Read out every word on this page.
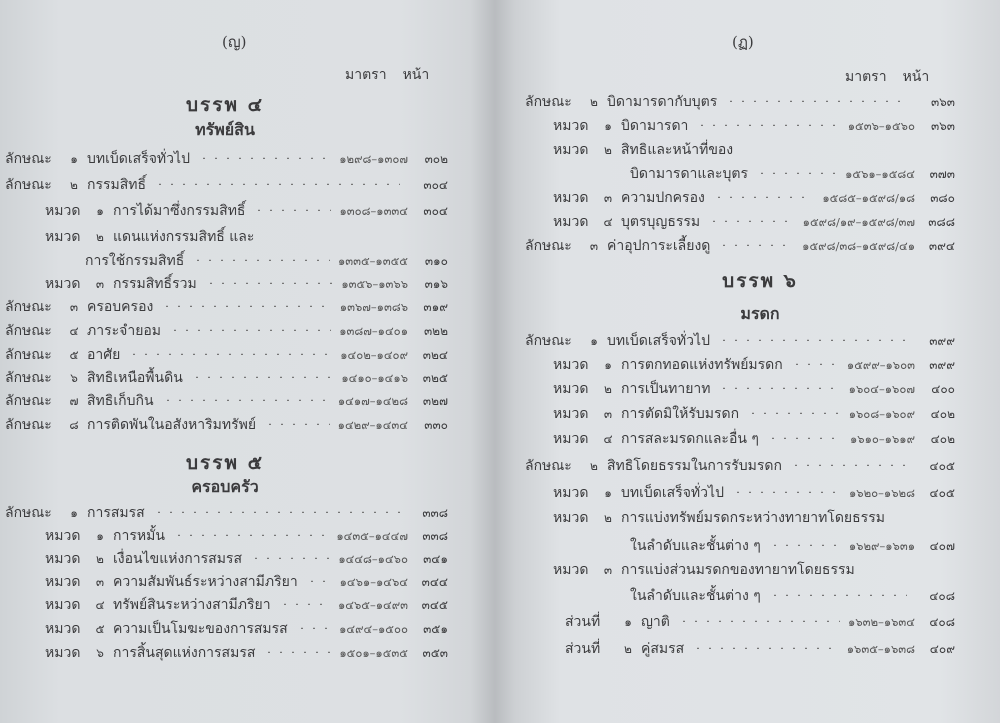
(ญ)
มาตรา หน้า
บรรพ ๔
ทรัพย์สิน
บรรพ ๕
ครอบครัว
ลักษณะ	๑ บทเบ็ดเสร็จทั่วไป	๑๒๙๘–๑๓๐๗	๓๐๒
ลักษณะ	๒ กรรมสิทธิ์	๓๐๔
หมวด	๑ การได้มาซึ่งกรรมสิทธิ์	๑๓๐๘–๑๓๓๔	๓๐๔
หมวด	๒ แดนแห่งกรรมสิทธิ์ และ
การใช้กรรมสิทธิ์	๑๓๓๕–๑๓๕๕	๓๑๐
หมวด	๓ กรรมสิทธิ์รวม	๑๓๕๖–๑๓๖๖	๓๑๖
ลักษณะ	๓ ครอบครอง	๑๓๖๗–๑๓๘๖	๓๑๙
ลักษณะ	๔ ภาระจำยอม	๑๓๘๗–๑๔๐๑	๓๒๒
ลักษณะ	๕ อาศัย	๑๔๐๒–๑๔๐๙	๓๒๔
ลักษณะ	๖ สิทธิเหนือพื้นดิน	๑๔๑๐–๑๔๑๖	๓๒๕
ลักษณะ	๗ สิทธิเก็บกิน	๑๔๑๗–๑๔๒๘	๓๒๗
ลักษณะ	๘ การติดพันในอสังหาริมทรัพย์	๑๔๒๙–๑๔๓๔	๓๓๐
ลักษณะ	๑ การสมรส	๓๓๘
หมวด	๑ การหมั้น	๑๔๓๕–๑๔๔๗	๓๓๘
หมวด	๒ เงื่อนไขแห่งการสมรส	๑๔๔๘–๑๔๖๐	๓๔๑
หมวด	๓ ความสัมพันธ์ระหว่างสามีภริยา	๑๔๖๑–๑๔๖๔	๓๔๔
หมวด	๔ ทรัพย์สินระหว่างสามีภริยา	๑๔๖๕–๑๔๙๓	๓๔๕
หมวด	๕ ความเป็นโมฆะของการสมรส	๑๔๙๔–๑๕๐๐	๓๕๑
หมวด	๖ การสิ้นสุดแห่งการสมรส	๑๕๐๑–๑๕๓๕	๓๕๓
(ฏ)
มาตรา หน้า
บรรพ ๖
มรดก
ลักษณะ	๒ บิดามารดากับบุตร	๓๖๓
หมวด	๑ บิดามารดา	๑๕๓๖–๑๕๖๐	๓๖๓
หมวด	๒ สิทธิและหน้าที่ของ
บิดามารดาและบุตร	๑๕๖๑–๑๕๘๔	๓๗๓
หมวด	๓ ความปกครอง	๑๕๘๕–๑๕๙๘/๑๘	๓๘๐
หมวด	๔ บุตรบุญธรรม	๑๕๙๘/๑๙–๑๕๙๘/๓๗	๓๘๘
ลักษณะ	๓ ค่าอุปการะเลี้ยงดู	๑๕๙๘/๓๘–๑๕๙๘/๔๑	๓๙๔
ลักษณะ	๑ บทเบ็ดเสร็จทั่วไป	๓๙๙
หมวด	๑ การตกทอดแห่งทรัพย์มรดก	๑๕๙๙–๑๖๐๓	๓๙๙
หมวด	๒ การเป็นทายาท	๑๖๐๔–๑๖๐๗	๔๐๐
หมวด	๓ การตัดมิให้รับมรดก	๑๖๐๘–๑๖๐๙	๔๐๒
หมวด	๔ การสละมรดกและอื่น ๆ	๑๖๑๐–๑๖๑๙	๔๐๒
ลักษณะ	๒ สิทธิโดยธรรมในการรับมรดก	๔๐๕
หมวด	๑ บทเบ็ดเสร็จทั่วไป	๑๖๒๐–๑๖๒๘	๔๐๕
หมวด	๒ การแบ่งทรัพย์มรดกระหว่างทายาทโดยธรรม
ในลำดับและชั้นต่าง ๆ	๑๖๒๙–๑๖๓๑	๔๐๗
หมวด	๓ การแบ่งส่วนมรดกของทายาทโดยธรรม
ในลำดับและชั้นต่าง ๆ	๔๐๘
ส่วนที่	๑ ญาติ	๑๖๓๒–๑๖๓๔	๔๐๘
ส่วนที่	๒ คู่สมรส	๑๖๓๕–๑๖๓๘	๔๐๙
